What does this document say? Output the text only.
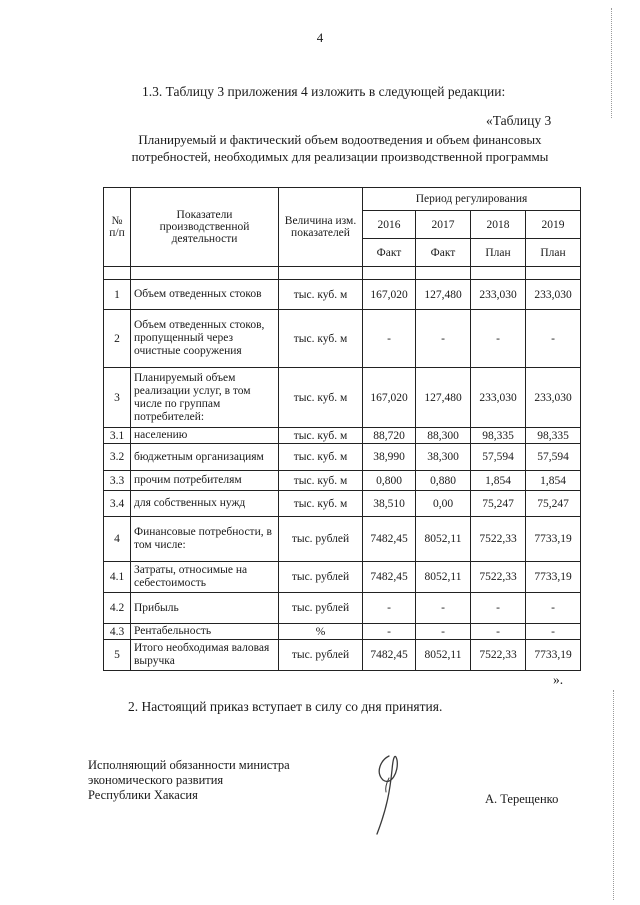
4
1.3. Таблицу 3 приложения 4 изложить в следующей редакции:
«Таблицу 3
Планируемый и фактический объем водоотведения и объем финансовых
потребностей, необходимых для реализации производственной программы
№ п/п	Показатели производственной деятельности	Величина изм. показателей	Период регулирования			
			2016	2017	2018	2019
			Факт	Факт	План	План

1	Объем отведенных стоков	тыс. куб. м	167,020	127,480	233,030	233,030
2	Объем отведенных стоков, пропущенный через очистные сооружения	тыс. куб. м	-	-	-	-
3	Планируемый объем реализации услуг, в том числе по группам потребителей:	тыс. куб. м	167,020	127,480	233,030	233,030
3.1	населению	тыс. куб. м	88,720	88,300	98,335	98,335
3.2	бюджетным организациям	тыс. куб. м	38,990	38,300	57,594	57,594
3.3	прочим потребителям	тыс. куб. м	0,800	0,880	1,854	1,854
3.4	для собственных нужд	тыс. куб. м	38,510	0,00	75,247	75,247
4	Финансовые потребности, в том числе:	тыс. рублей	7482,45	8052,11	7522,33	7733,19
4.1	Затраты, относимые на себестоимость	тыс. рублей	7482,45	8052,11	7522,33	7733,19
4.2	Прибыль	тыс. рублей	-	-	-	-
4.3	Рентабельность	%	-	-	-	-
5	Итого необходимая валовая выручка	тыс. рублей	7482,45	8052,11	7522,33	7733,19
».
2. Настоящий приказ вступает в силу со дня принятия.
Исполняющий обязанности министра
экономического развития
Республики Хакасия	А. Терещенко
